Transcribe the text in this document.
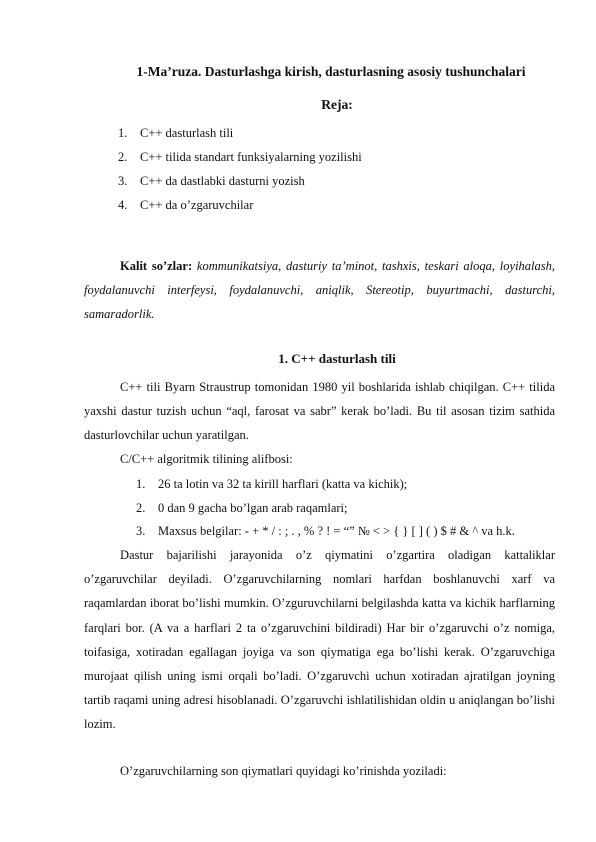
1-Ma’ruza. Dasturlashga kirish, dasturlasning asosiy tushunchalari
Reja:
1. C++ dasturlash tili
2. C++ tilida standart funksiyalarning yozilishi
3. C++ da dastlabki dasturni yozish
4. C++ da o’zgaruvchilar

Kalit so’zlar: kommunikatsiya, dasturiy ta’minot, tashxis, teskari aloqa, loyihalash, foydalanuvchi interfeysi, foydalanuvchi, aniqlik, Stereotip, buyurtmachi, dasturchi, samaradorlik.

1. C++ dasturlash tili

C++ tili Byarn Straustrup tomonidan 1980 yil boshlarida ishlab chiqilgan. C++ tilida yaxshi dastur tuzish uchun “aql, farosat va sabr” kerak bo’ladi. Bu til asosan tizim sathida dasturlovchilar uchun yaratilgan.

C/C++ algoritmik tilining alifbosi:

1. 26 ta lotin va 32 ta kirill harflari (katta va kichik);
2. 0 dan 9 gacha bo’lgan arab raqamlari;
3. Maxsus belgilar: - + * / : ; . , % ? ! = “” № < > { } [ ] ( ) $ # & ^ va h.k.

Dastur bajarilishi jarayonida o’z qiymatini o’zgartira oladigan kattaliklar o’zgaruvchilar deyiladi. O’zgaruvchilarning nomlari harfdan boshlanuvchi xarf va raqamlardan iborat bo’lishi mumkin. O’zguruvchilarni belgilashda katta va kichik harflarning farqlari bor. (A va a harflari 2 ta o’zgaruvchini bildiradi) Har bir o’zgaruvchi o’z nomiga, toifasiga, xotiradan egallagan joyiga va son qiymatiga ega bo’lishi kerak. O’zgaruvchiga murojaat qilish uning ismi orqali bo’ladi. O’zgaruvchi uchun xotiradan ajratilgan joyning tartib raqami uning adresi hisoblanadi. O’zgaruvchi ishlatilishidan oldin u aniqlangan bo’lishi lozim.

O’zgaruvchilarning son qiymatlari quyidagi ko’rinishda yoziladi:
